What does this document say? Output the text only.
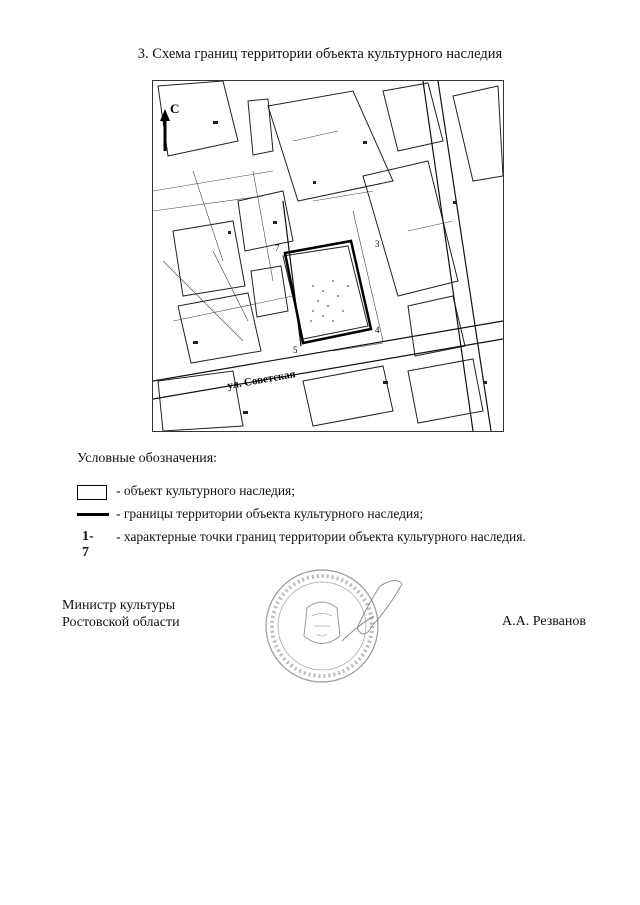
3. Схема границ территории объекта культурного наследия
С
ул. Советская
3
4
5
7
Условные обозначения:
- объект культурного наследия;
- границы территории объекта культурного наследия;
1-7
- характерные точки границ территории объекта культурного наследия.
Министр культуры
Ростовской области	А.А. Резванов
